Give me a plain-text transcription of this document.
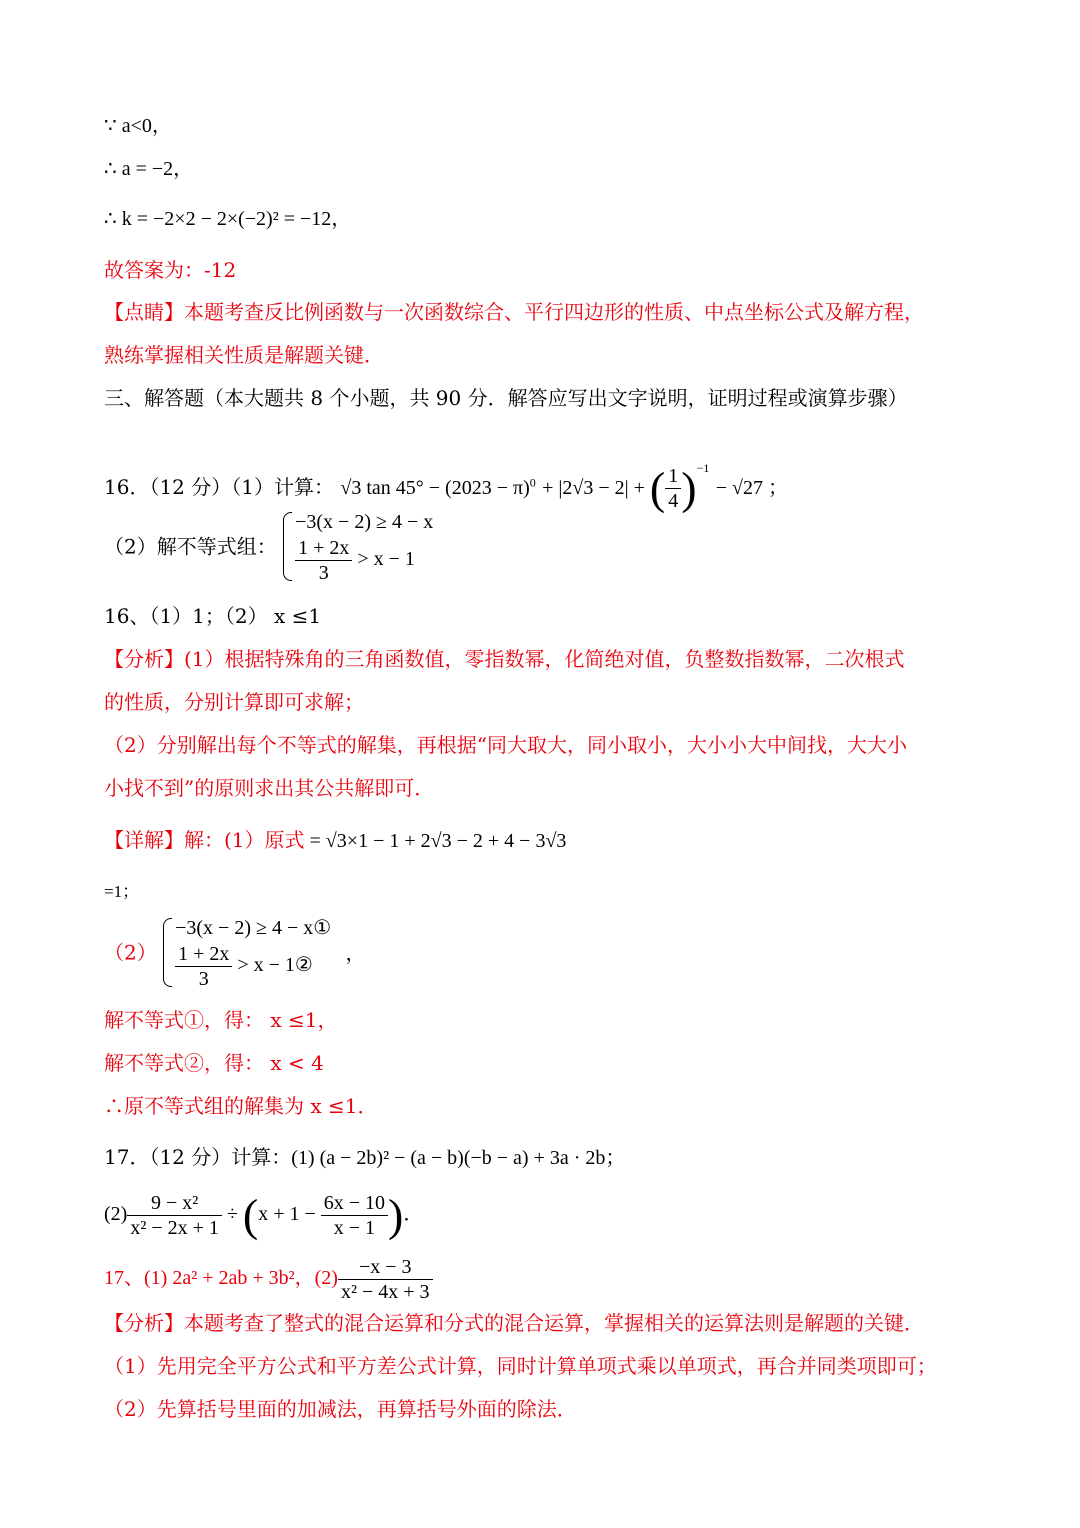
∵ a<0，
∴ a = −2，
∴ k = −2×2 − 2×(−2)² = −12，
故答案为：-12
【点睛】本题考查反比例函数与一次函数综合、平行四边形的性质、中点坐标公式及解方程，
熟练掌握相关性质是解题关键．
三、解答题（本大题共 8 个小题，共 90 分．解答应写出文字说明，证明过程或演算步骤）
16．（12 分）（1）计算： √3 $\tan 45^\circ - (2023 - \pi)^0 + |2√3 - 2|$ + ( $\frac{1}{4} )^{-1} - √27$ ；
（2）解不等式组：
−3(x − 2) ≥ 4 − x
$\frac{1 + 2x}{3} > x - 1$
16、（1）1；（2） x ≤1
【分析】(1）根据特殊角的三角函数值，零指数幂，化简绝对值，负整数指数幂，二次根式
的性质，分别计算即可求解；
（2）分别解出每个不等式的解集，再根据“同大取大，同小取小，大小小大中间找，大大小
小找不到”的原则求出其公共解即可．
【详解】解：(1）原式 = √3×1 − 1 + 2√3 − 2 + 4 − 3√3
=1；
（2）
−3(x − 2) ≥ 4 − x①
$\frac{1 + 2x}{3} > x$ − 1②
，
解不等式①，得： x ≤1，
解不等式②，得： x < 4
∴原不等式组的解集为 x ≤1．
17．（12 分）计算：(1) (a − 2b)² − (a − b)(−b − a) + 3a · 2b；
$(2) \frac{\text{9 − x²}}{\text{x² − 2x + 1}} \div (x + 1 - \frac{6x - 10}{x - 1}$ )．
17、(1) 2a² + 2ab + 3b²，$(2) \frac{-x - 3}{\text{x² − 4x + 3}}$
【分析】本题考查了整式的混合运算和分式的混合运算，掌握相关的运算法则是解题的关键．
（1）先用完全平方公式和平方差公式计算，同时计算单项式乘以单项式，再合并同类项即可；
（2）先算括号里面的加减法，再算括号外面的除法．
